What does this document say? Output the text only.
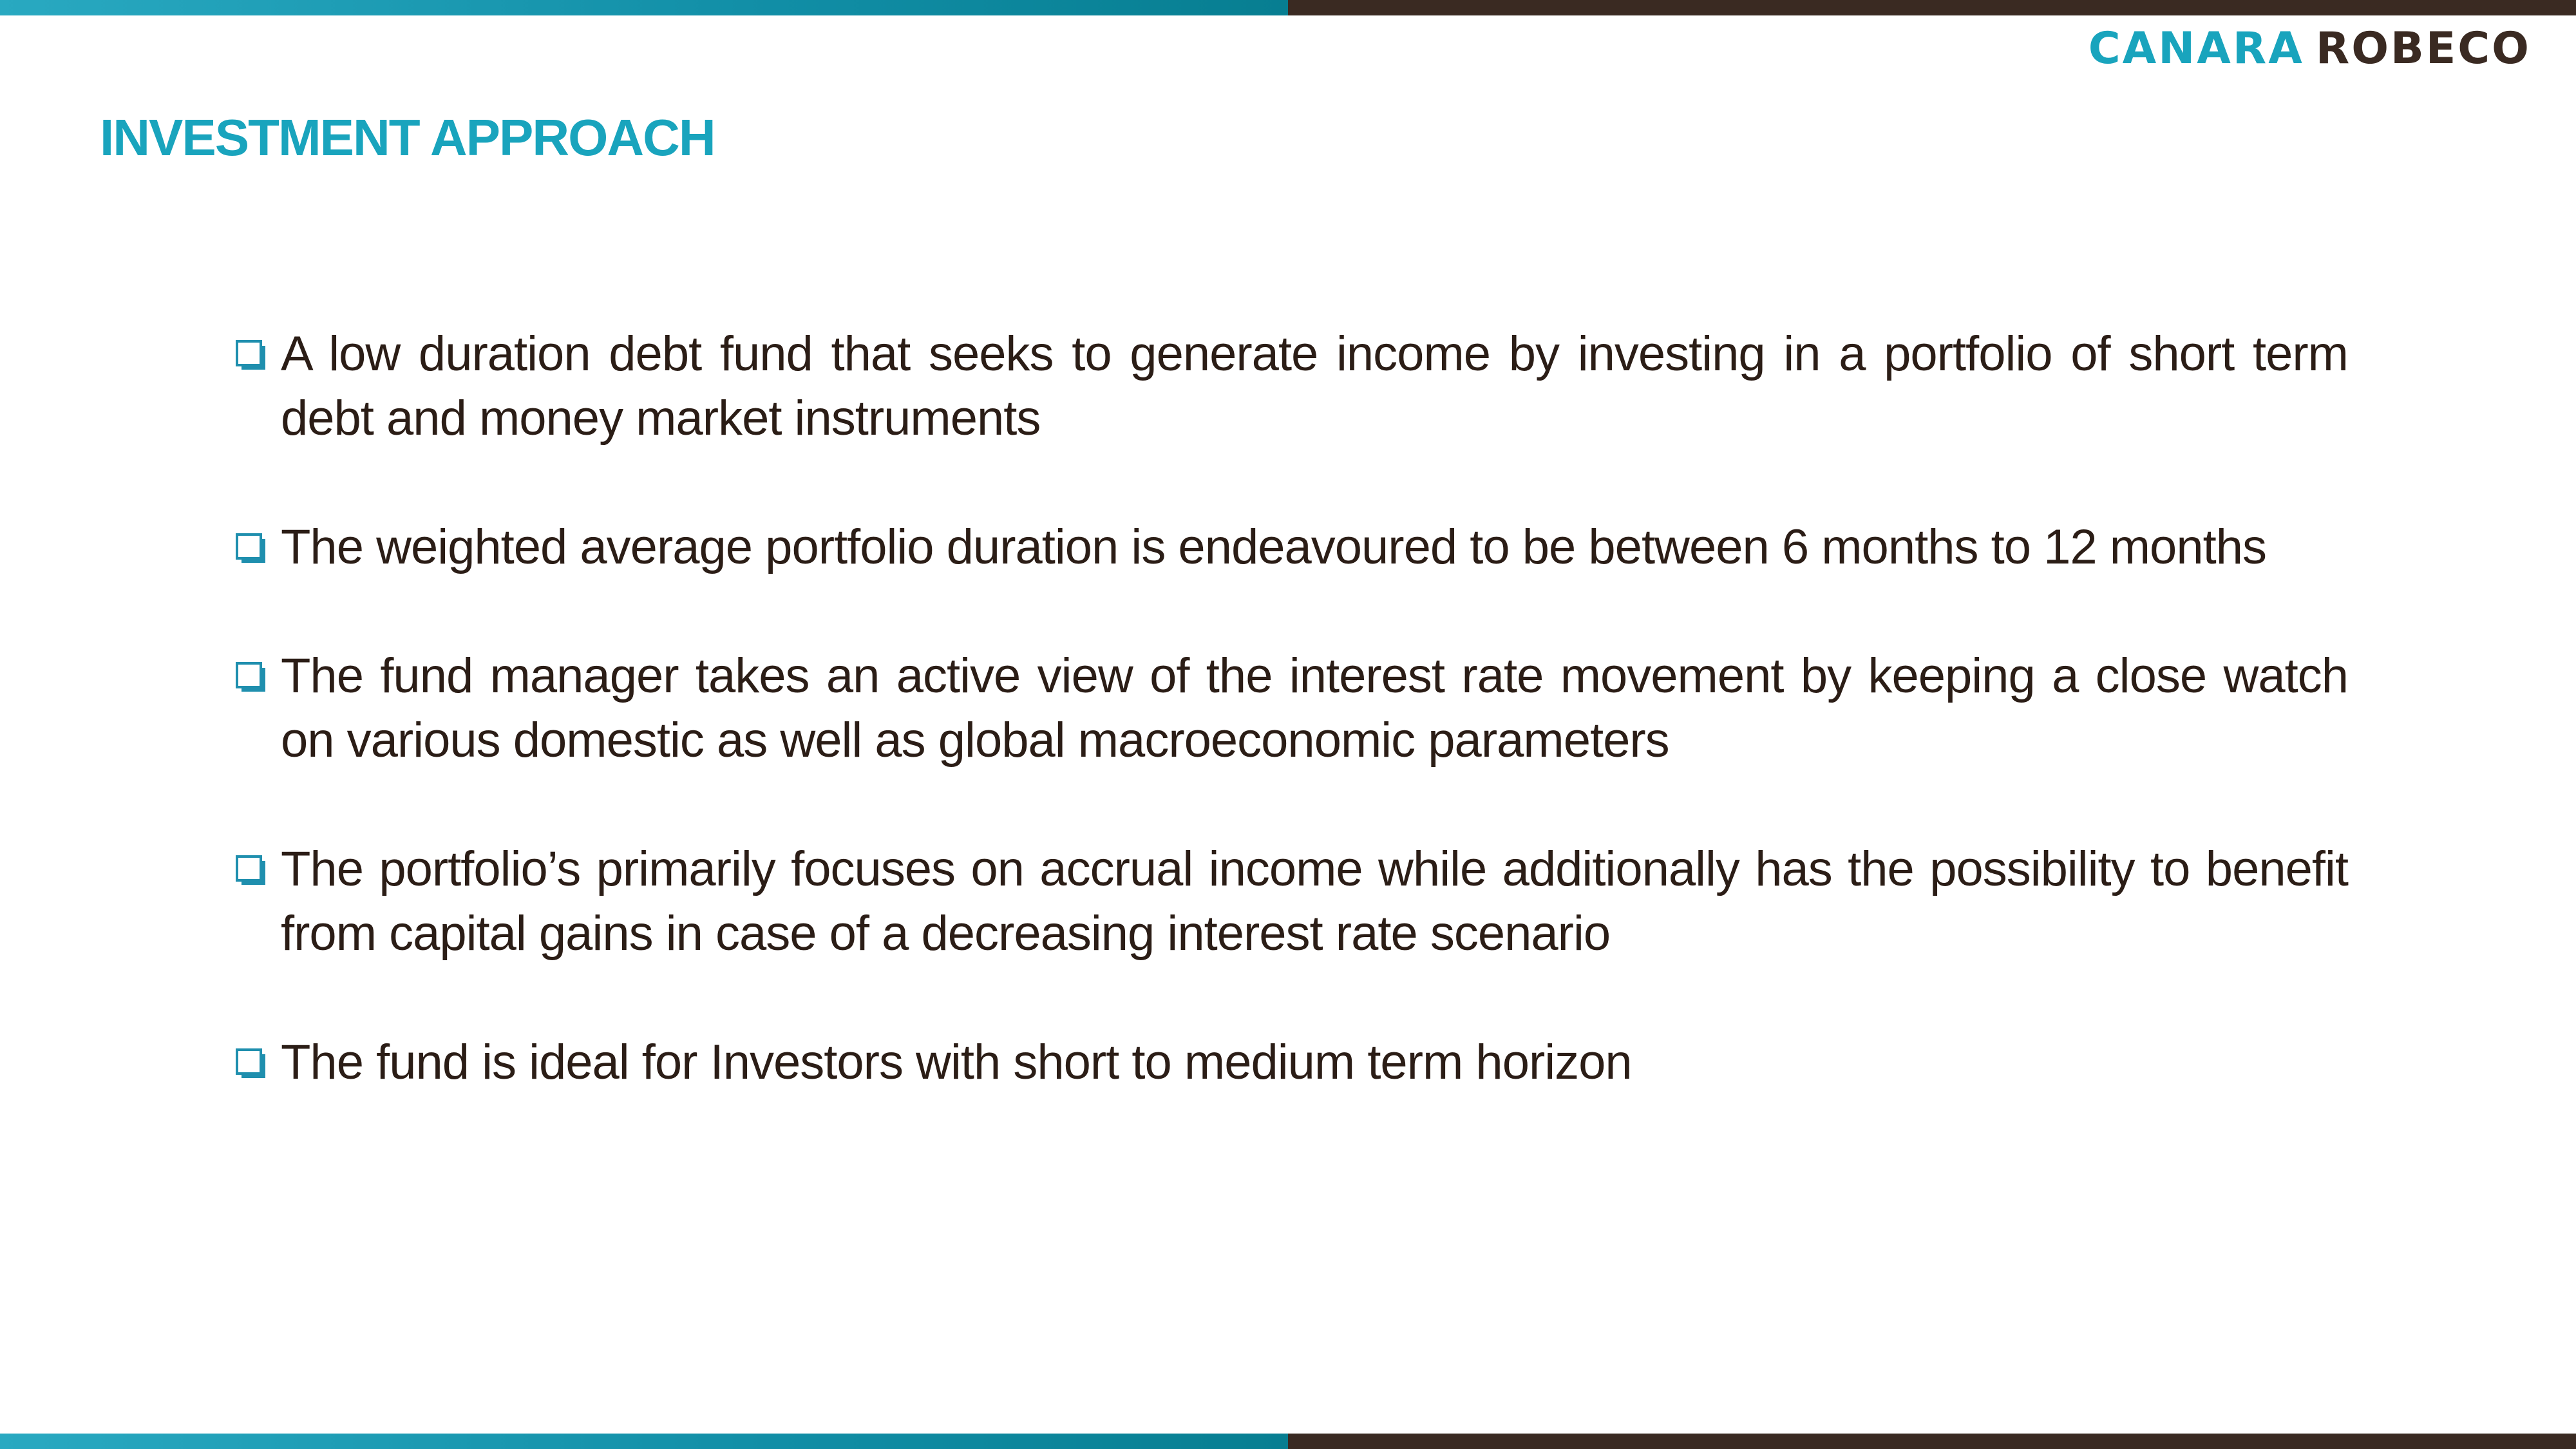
CANARA ROBECO
INVESTMENT APPROACH
A low duration debt fund that seeks to generate income by investing in a portfolio of short term debt and money market instruments
The weighted average portfolio duration is endeavoured to be between 6 months to 12 months
The fund manager takes an active view of the interest rate movement by keeping a close watch on various domestic as well as global macroeconomic parameters
The portfolio’s primarily focuses on accrual income while additionally has the possibility to benefit from capital gains in case of a decreasing interest rate scenario
The fund is ideal for Investors with short to medium term horizon
